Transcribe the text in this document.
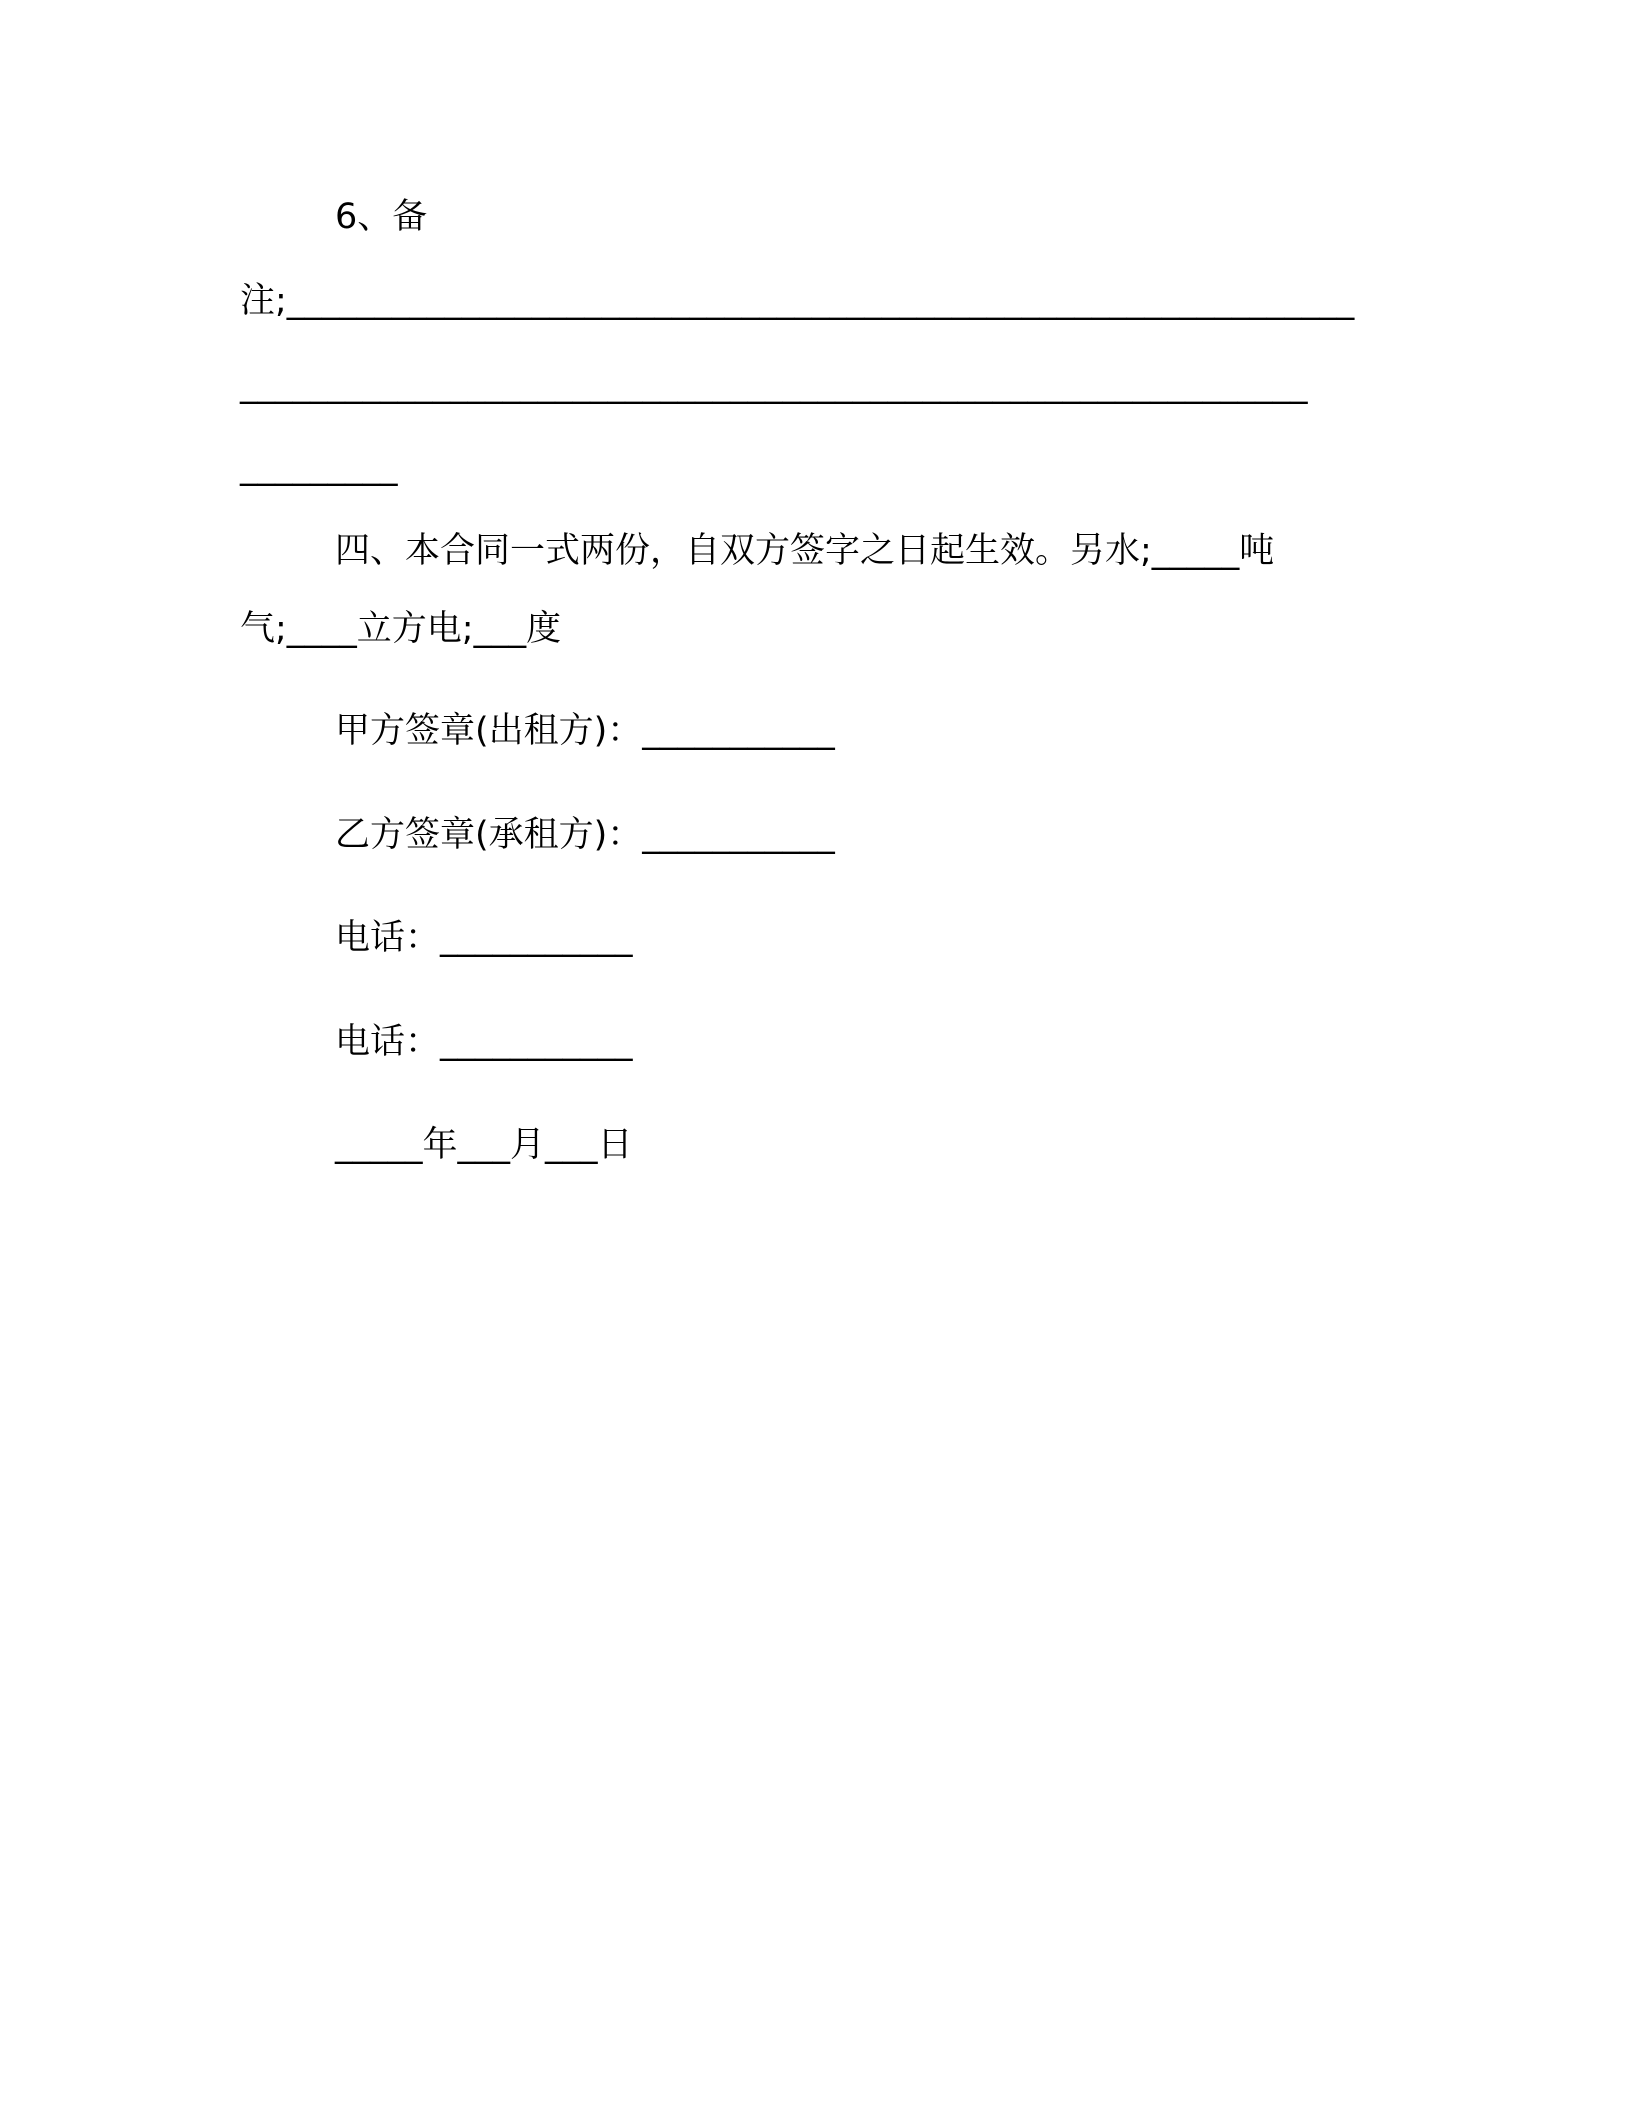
6、备
注;_____________________________________________________________
_____________________________________________________________
_________
四、本合同一式两份，自双方签字之日起生效。另水;_____吨
气;____立方电;___度
甲方签章(出租方)：___________
乙方签章(承租方)：___________
电话：___________
电话：___________
_____年___月___日
